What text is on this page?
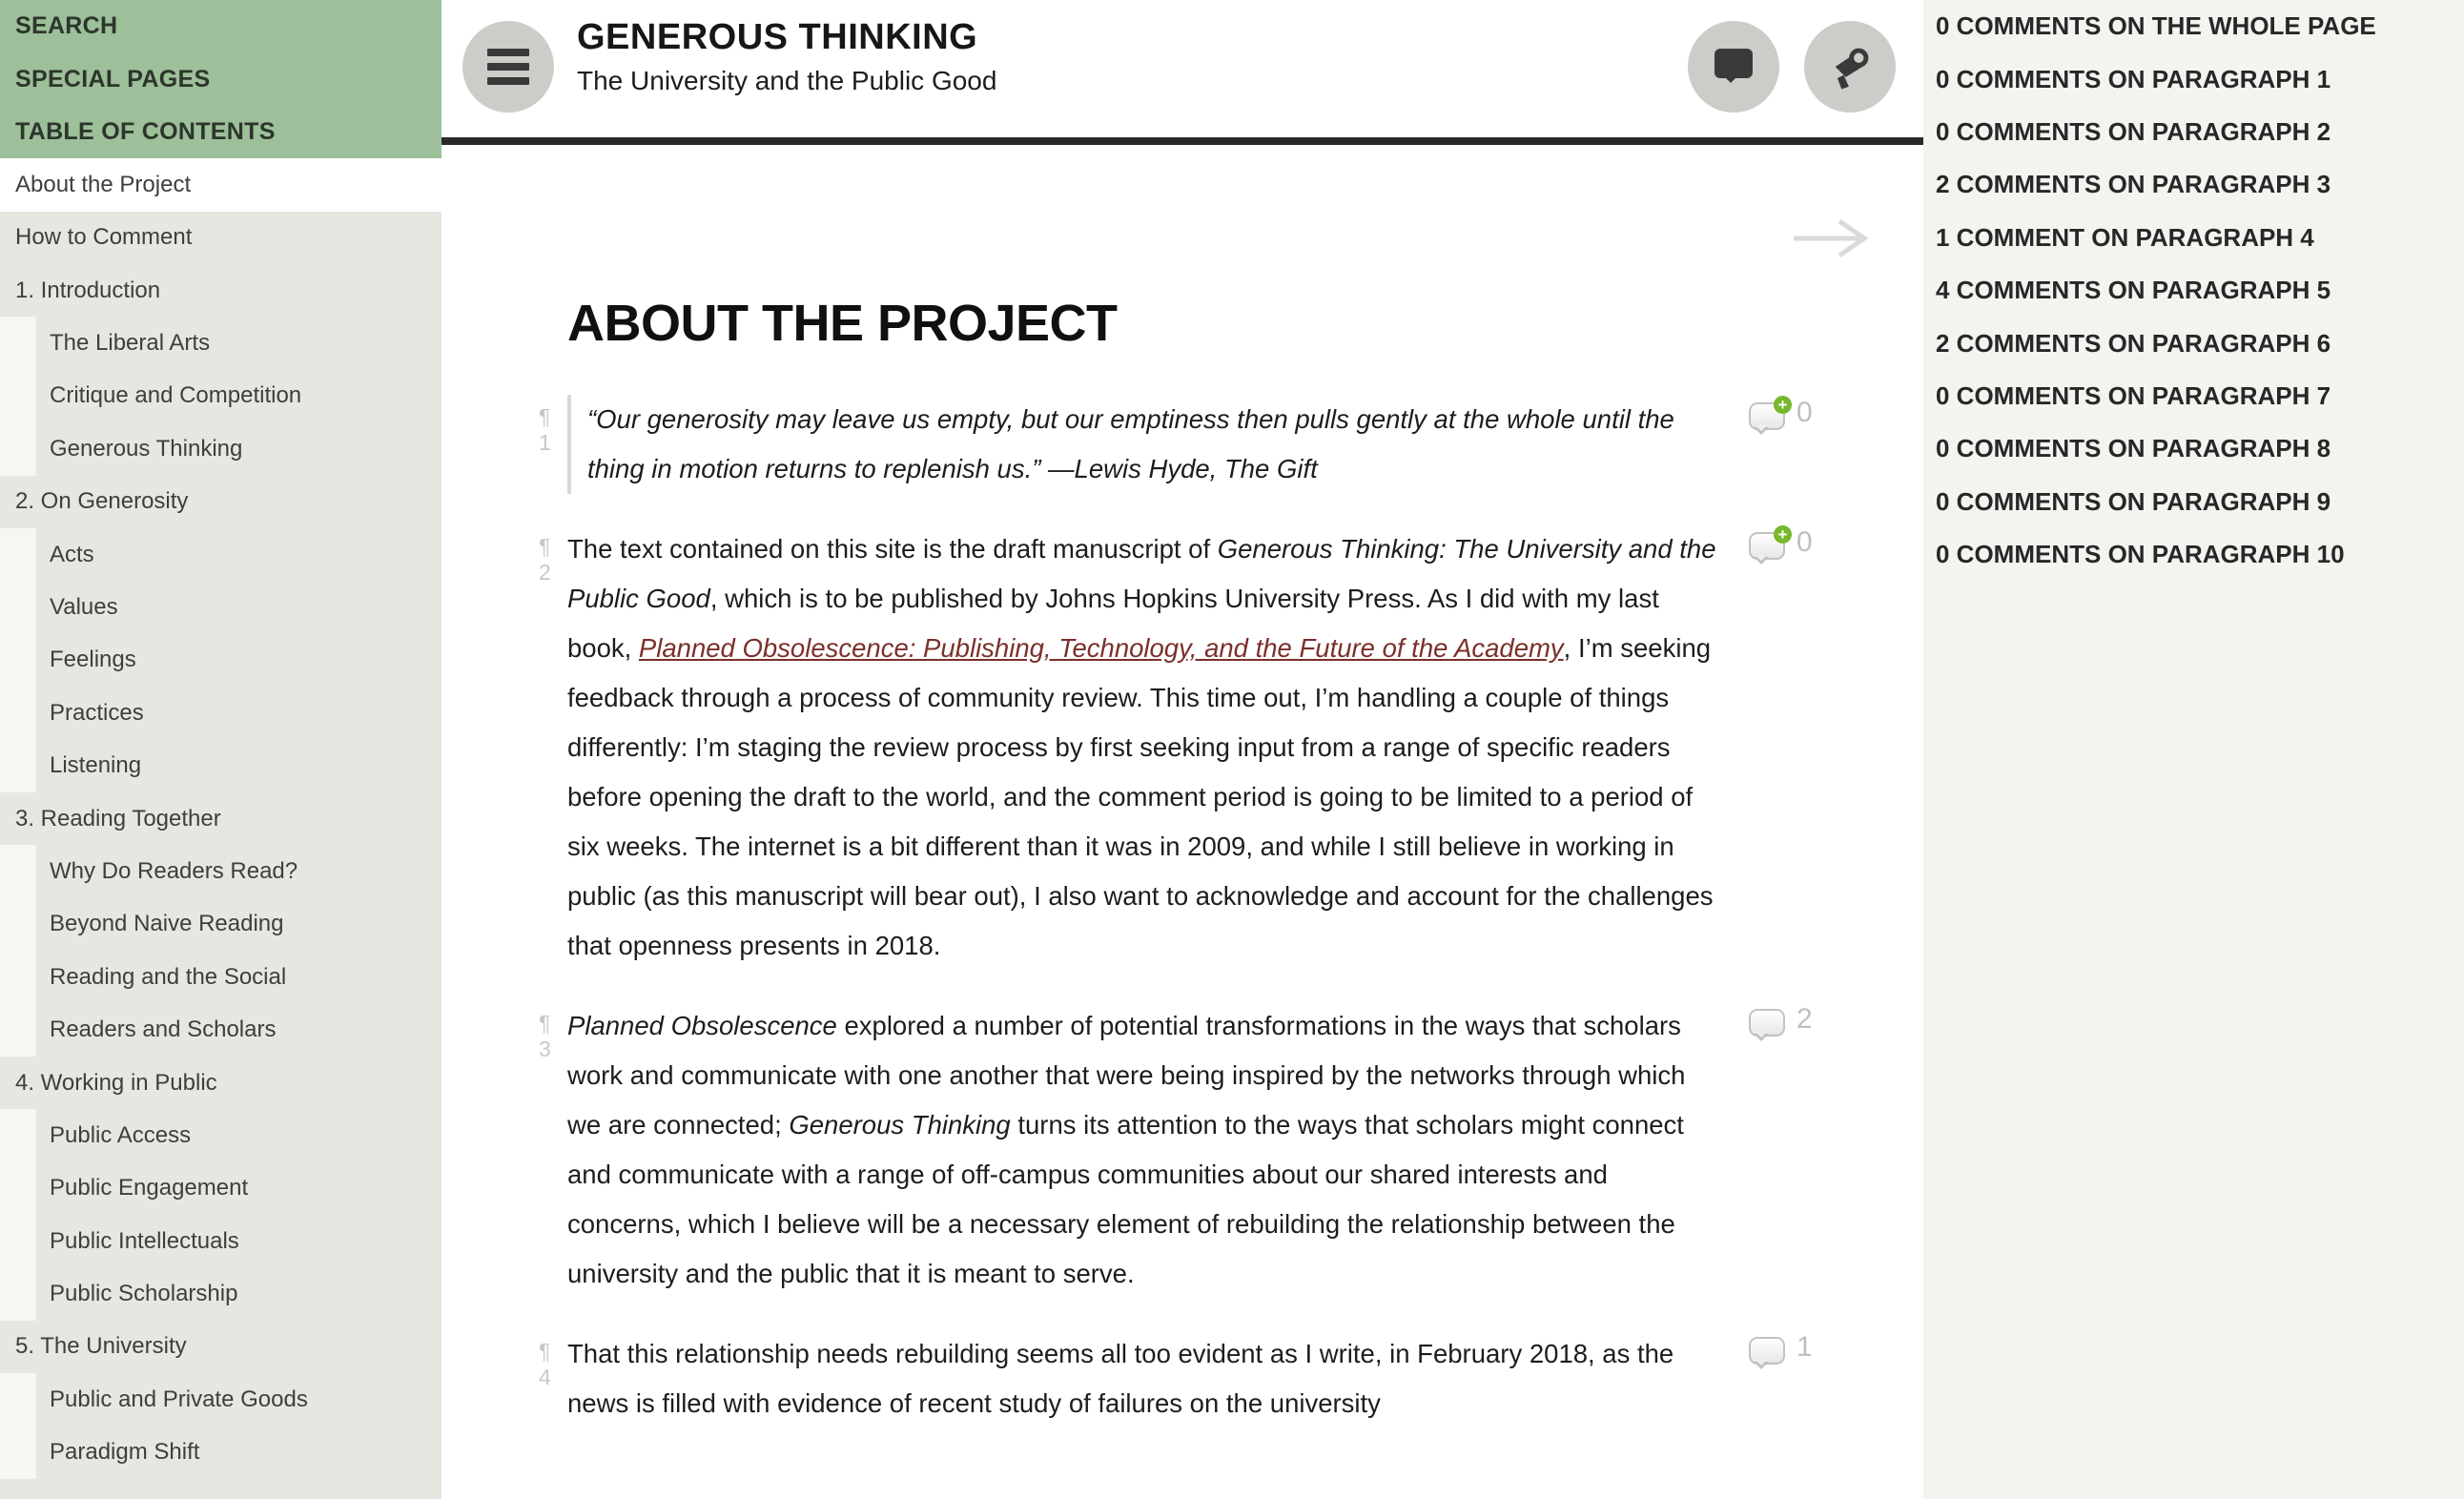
SEARCH
SPECIAL PAGES
TABLE OF CONTENTS
About the Project
How to Comment
1. Introduction
The Liberal Arts
Critique and Competition
Generous Thinking
2. On Generosity
Acts
Values
Feelings
Practices
Listening
3. Reading Together
Why Do Readers Read?
Beyond Naive Reading
Reading and the Social
Readers and Scholars
4. Working in Public
Public Access
Public Engagement
Public Intellectuals
Public Scholarship
5. The University
Public and Private Goods
Paradigm Shift
GENEROUS THINKING
The University and the Public Good
ABOUT THE PROJECT
¶ 1
“Our generosity may leave us empty, but our emptiness then pulls gently at the whole until the thing in motion returns to replenish us.” —Lewis Hyde, The Gift
+ 0
¶ 2
The text contained on this site is the draft manuscript of Generous Thinking: The University and the Public Good, which is to be published by Johns Hopkins University Press. As I did with my last book, Planned Obsolescence: Publishing, Technology, and the Future of the Academy, I’m seeking feedback through a process of community review. This time out, I’m handling a couple of things differently: I’m staging the review process by first seeking input from a range of specific readers before opening the draft to the world, and the comment period is going to be limited to a period of six weeks. The internet is a bit different than it was in 2009, and while I still believe in working in public (as this manuscript will bear out), I also want to acknowledge and account for the challenges that openness presents in 2018.
+ 0
¶ 3
Planned Obsolescence explored a number of potential transformations in the ways that scholars work and communicate with one another that were being inspired by the networks through which we are connected; Generous Thinking turns its attention to the ways that scholars might connect and communicate with a range of off-campus communities about our shared interests and concerns, which I believe will be a necessary element of rebuilding the relationship between the university and the public that it is meant to serve.
2
¶ 4
That this relationship needs rebuilding seems all too evident as I write, in February 2018, as the news is filled with evidence of recent study of failures on the university
1
0 COMMENTS ON THE WHOLE PAGE
0 COMMENTS ON PARAGRAPH 1
0 COMMENTS ON PARAGRAPH 2
2 COMMENTS ON PARAGRAPH 3
1 COMMENT ON PARAGRAPH 4
4 COMMENTS ON PARAGRAPH 5
2 COMMENTS ON PARAGRAPH 6
0 COMMENTS ON PARAGRAPH 7
0 COMMENTS ON PARAGRAPH 8
0 COMMENTS ON PARAGRAPH 9
0 COMMENTS ON PARAGRAPH 10
